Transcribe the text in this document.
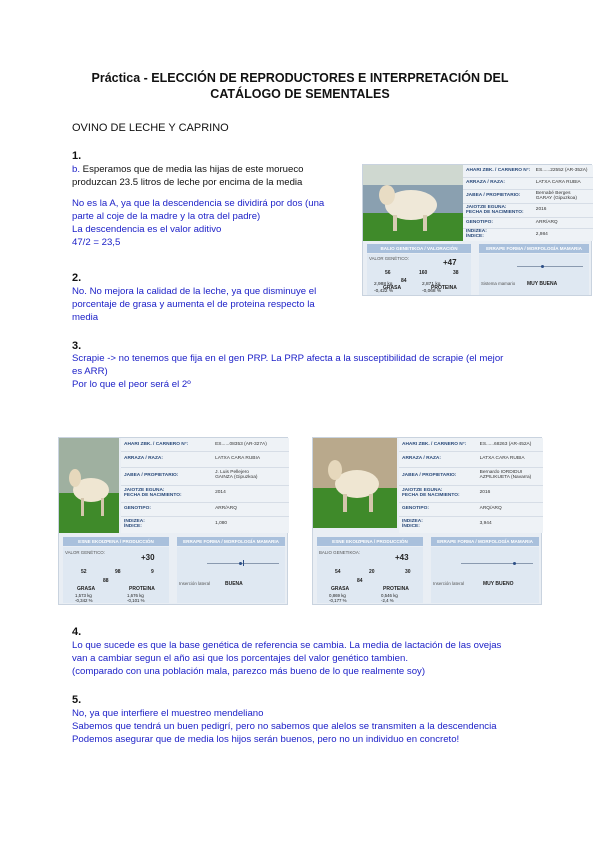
Práctica - ELECCIÓN DE REPRODUCTORES E INTERPRETACIÓN DEL
CATÁLOGO DE SEMENTALES
OVINO DE LECHE Y CAPRINO
1.
b. Esperamos que de media las hijas de este morueco
produzcan 23.5 litros de leche por encima de la media
No es la A, ya que la descendencia se dividirá por dos (una
parte al coje de la madre y la otra del padre)
La descendencia es el valor aditivo
47/2 = 23,5
2.
No. No mejora la calidad de la leche, ya que disminuye el
porcentaje de grasa y aumenta el de proteina respecto la
media
3.
Scrapie -> no tenemos que fija en el gen PRP. La PRP afecta a la susceptibilidad de scrapie (el mejor
es ARR)
Por lo que el peor será el 2º
4.
Lo que sucede es que la base genética de referencia se cambia. La media de lactación de las ovejas
van a cambiar segun el año asi que los porcentajes del valor genético tambien.
(comparado con una población mala, parezco más bueno de lo que realmente soy)
5.
No, ya que interfiere el muestreo mendeliano
Sabemos que tendrá un buen pedigrí, pero no sabemos que alelos se transmiten a la descendencia
Podemos asegurar que de media los hijos serán buenos, pero no un individuo en concreto!
AHARI ZBK. / CARNERO N°: ES......22552 (AR-352A)
ARRAZA / RAZA:	LATXA CARA RUBIA
JABEA / PROPIETARIO:	Bernabé Berges
GARAY (Gipuzkoa)
JAIOTZE EGUNA:
FECHA DE NACIMIENTO:
2016
GENOTIPO:	ARR/ARQ
INDIZEA:
ÍNDICE:	2,984
BALIO GENETIKOA / VALORACIÓN	ERRAPE FORMA / MORFOLOGÍA MAMARIA
VALOR GENÉTICO:	+47
56	160	38
84
GRASA	PROTEINA
Sistema mamario MUY BUENA
2,988 kg	2,871 kg
-0,422 %	-0,068 %
AHARI ZBK. / CARNERO N°:	ES......08353 (AR-327A)
ARRAZA / RAZA:	LATXA CARA RUBIA
JABEA / PROPIETARIO:
J. Luis Pellejero
GAINZA (Gipuzkoa)
JAIOTZE EGUNA:
FECHA DE NACIMIENTO:
2014
GENOTIPO:	ARR/ARQ
INDIZEA:
ÍNDICE:
1,080
ESNE EKOIZPENA / PRODUCCIÓN	ERRAPE FORMA / MORFOLOGÍA MAMARIA
VALOR GENÉTICO:
+30
52	98	9
88
GRASA	PROTEINA
1,573 kg	1,676 kg
-0,342 %	-0,101 %
Inserción lateral	BUENA
AHARI ZBK. / CARNERO N°:	ES......68263 (AR-452A)
ARRAZA / RAZA:	LATXA CARA RUBIA
JABEA / PROPIETARIO:
Bernardo IORDIDUI
AZPILIKUETA (Navarra)
JAIOTZE EGUNA:
FECHA DE NACIMIENTO:
2016
GENOTIPO:	ARQ/ARQ
INDIZEA:
ÍNDICE:
3,944
ESNE EKOIZPENA / PRODUCCIÓN	ERRAPE FORMA / MORFOLOGÍA MAMARIA
BALIO GENETIKOA:
+43
54	20	30
84
GRASA	PROTEINA
0,869 kg	0,546 kg
-0,177 %	-2,4 %
Inserción lateral	MUY BUENO
